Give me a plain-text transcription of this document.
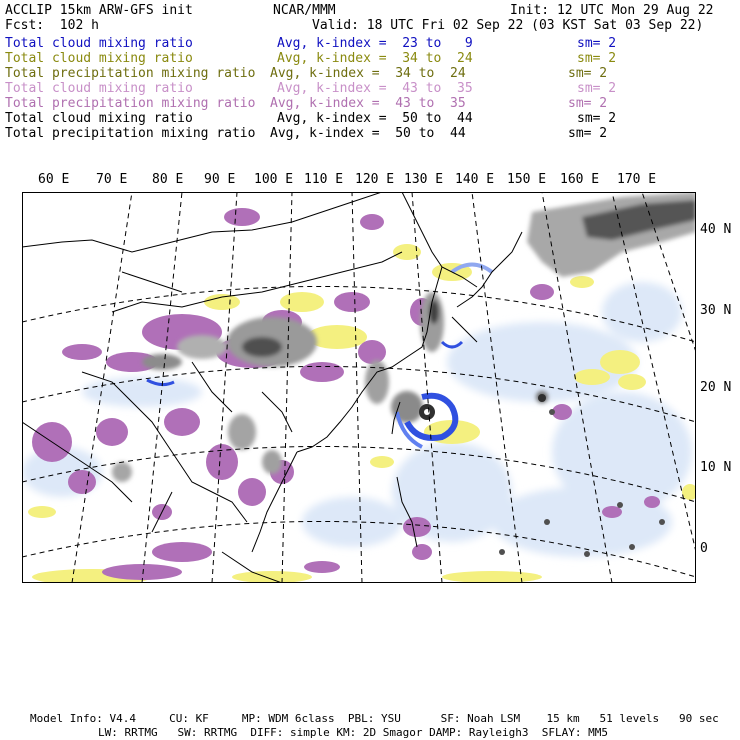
ACCLIP 15km ARW-GFS init	NCAR/MMM	Init: 12 UTC Mon 29 Aug 22
Fcst:  102 h	Valid: 18 UTC Fri 02 Sep 22 (03 KST Sat 03 Sep 22)
Total cloud mixing ratio	Avg, k-index =  23 to   9	sm= 2
Total cloud mixing ratio	Avg, k-index =  34 to  24	sm= 2
Total precipitation mixing ratio Avg, k-index =  34 to  24	sm= 2
Total cloud mixing ratio	Avg, k-index =  43 to  35	sm= 2
Total precipitation mixing ratio Avg, k-index =  43 to  35	sm= 2
Total cloud mixing ratio	Avg, k-index =  50 to  44	sm= 2
Total precipitation mixing ratio Avg, k-index =  50 to  44	sm= 2
60 E 70 E 80 E 90 E 100 E 110 E 120 E 130 E 140 E 150 E 160 E 170 E
40 N
30 N
20 N
10 N
0
Model Info: V4.4     CU: KF     MP: WDM 6class  PBL: YSU      SF: Noah LSM    15 km   51 levels   90 sec
LW: RRTMG   SW: RRTMG  DIFF: simple KM: 2D Smagor DAMP: Rayleigh3  SFLAY: MM5
